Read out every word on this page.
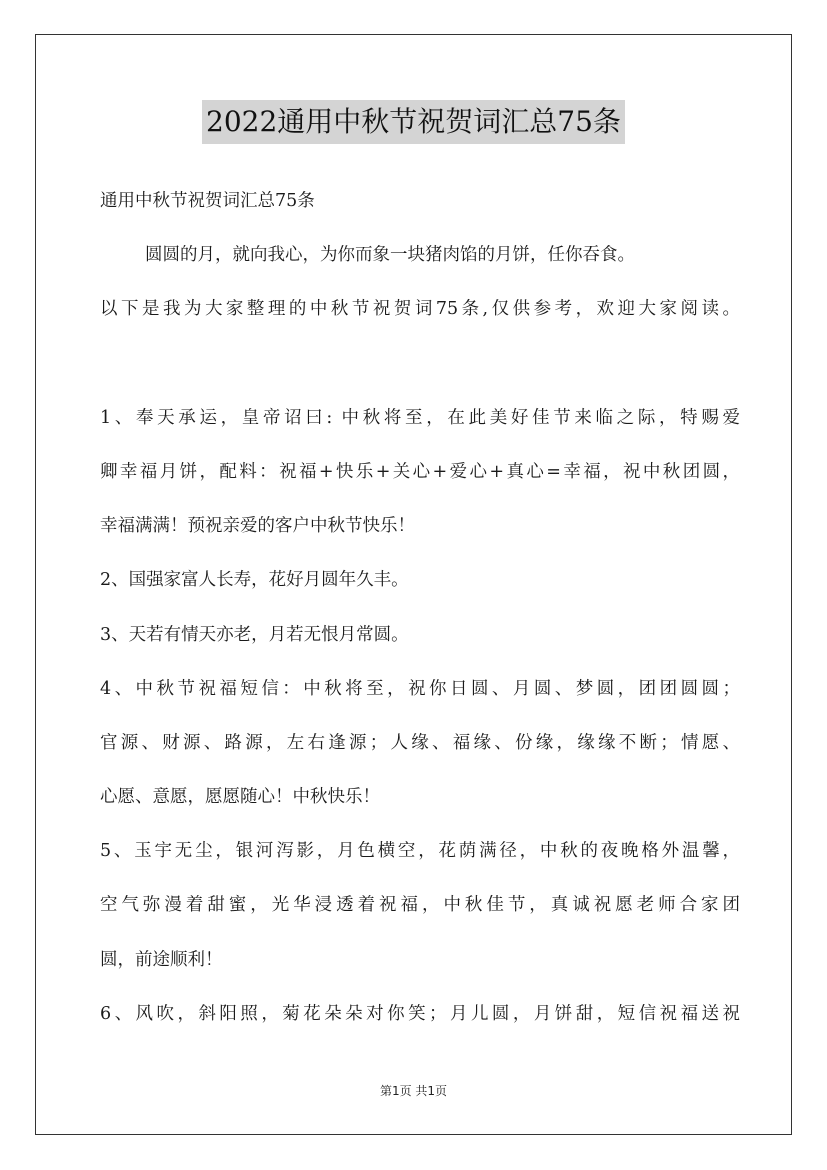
2022通用中秋节祝贺词汇总75条
通用中秋节祝贺词汇总75条
圆圆的月，就向我心，为你而象一块猪肉馅的月饼，任你吞食。
以下是我为大家整理的中秋节祝贺词75条,仅供参考，欢迎大家阅读。
1、奉天承运，皇帝诏曰: 中秋将至，在此美好佳节来临之际，特赐爱
卿幸福月饼，配料：祝福+快乐+关心+爱心+真心=幸福，祝中秋团圆，
幸福满满！预祝亲爱的客户中秋节快乐！
2、国强家富人长寿，花好月圆年久丰。
3、天若有情天亦老，月若无恨月常圆。
4、中秋节祝福短信：中秋将至，祝你日圆、月圆、梦圆，团团圆圆；
官源、财源、路源，左右逢源；人缘、福缘、份缘，缘缘不断；情愿、
心愿、意愿，愿愿随心！中秋快乐！
5、玉宇无尘，银河泻影，月色横空，花荫满径，中秋的夜晚格外温馨，
空气弥漫着甜蜜，光华浸透着祝福，中秋佳节，真诚祝愿老师合家团
圆，前途顺利！
6、风吹，斜阳照，菊花朵朵对你笑；月儿圆，月饼甜，短信祝福送祝
第1页 共1页
